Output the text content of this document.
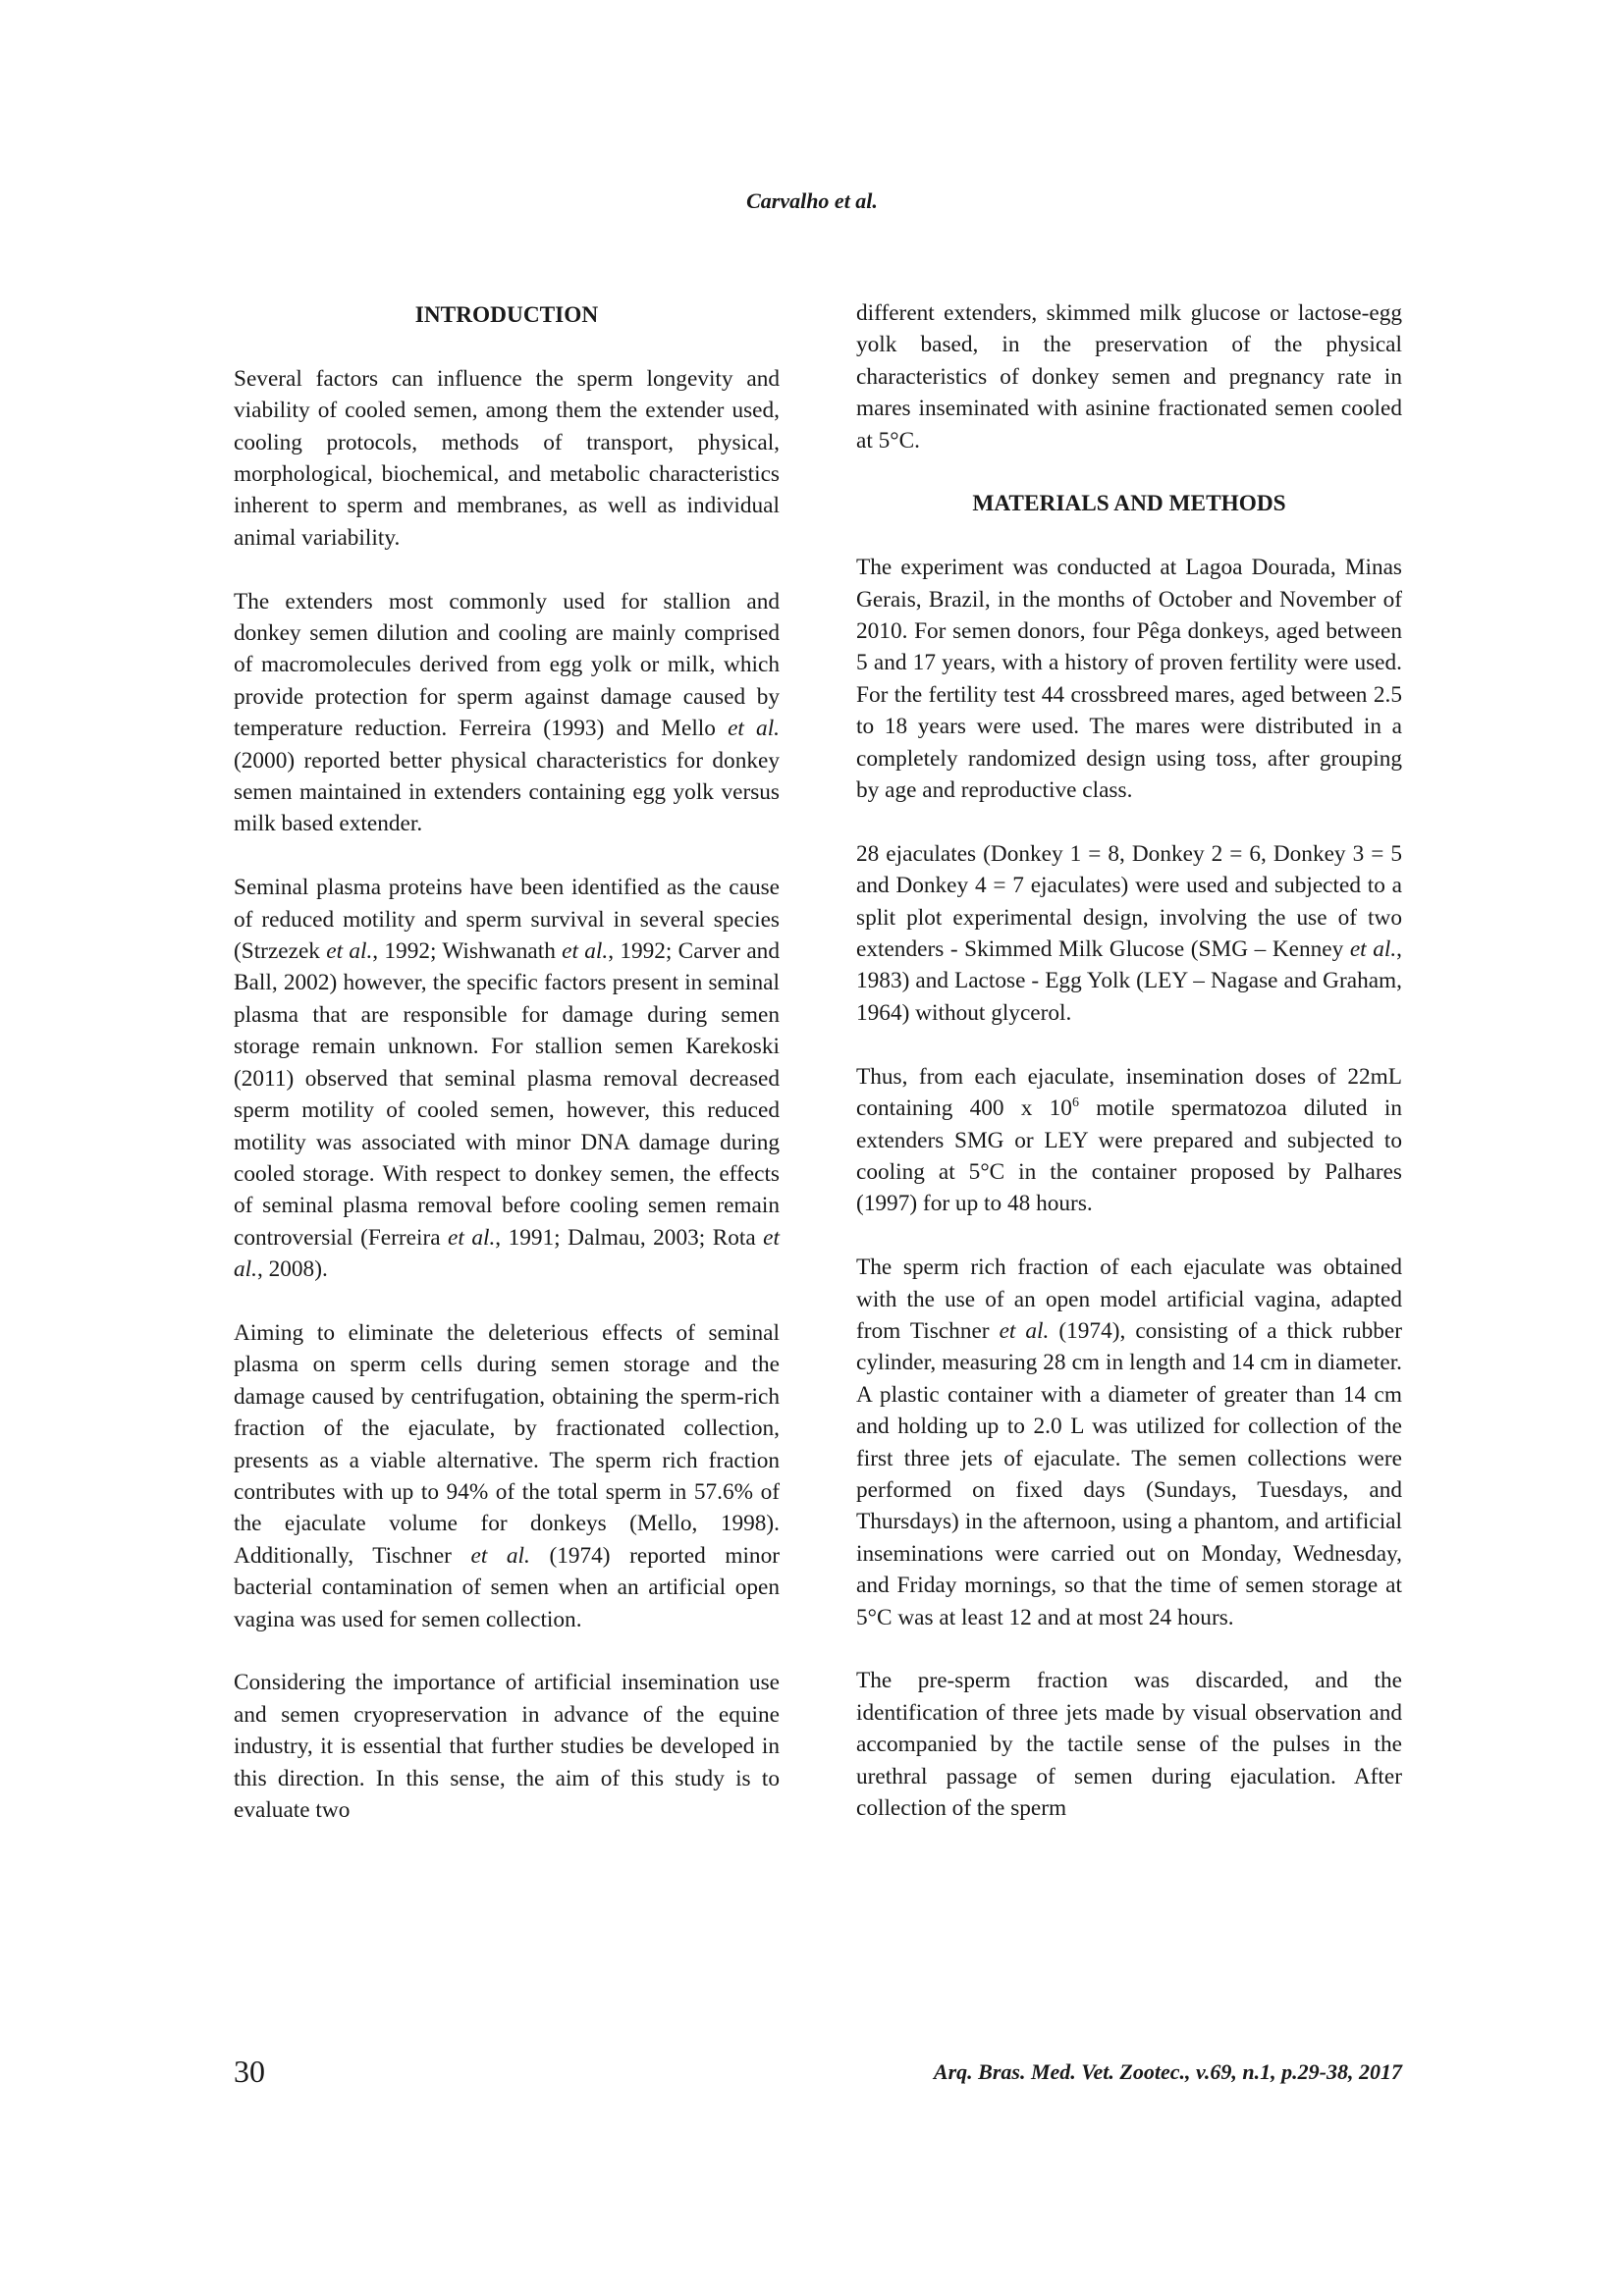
Carvalho et al.
INTRODUCTION

Several factors can influence the sperm longevity and viability of cooled semen, among them the extender used, cooling protocols, methods of transport, physical, morphological, biochemical, and metabolic characteristics inherent to sperm and membranes, as well as individual animal variability.

The extenders most commonly used for stallion and donkey semen dilution and cooling are mainly comprised of macromolecules derived from egg yolk or milk, which provide protection for sperm against damage caused by temperature reduction. Ferreira (1993) and Mello et al. (2000) reported better physical characteristics for donkey semen maintained in extenders containing egg yolk versus milk based extender.

Seminal plasma proteins have been identified as the cause of reduced motility and sperm survival in several species (Strzezek et al., 1992; Wishwanath et al., 1992; Carver and Ball, 2002) however, the specific factors present in seminal plasma that are responsible for damage during semen storage remain unknown. For stallion semen Karekoski (2011) observed that seminal plasma removal decreased sperm motility of cooled semen, however, this reduced motility was associated with minor DNA damage during cooled storage. With respect to donkey semen, the effects of seminal plasma removal before cooling semen remain controversial (Ferreira et al., 1991; Dalmau, 2003; Rota et al., 2008).

Aiming to eliminate the deleterious effects of seminal plasma on sperm cells during semen storage and the damage caused by centrifugation, obtaining the sperm-rich fraction of the ejaculate, by fractionated collection, presents as a viable alternative. The sperm rich fraction contributes with up to 94% of the total sperm in 57.6% of the ejaculate volume for donkeys (Mello, 1998). Additionally, Tischner et al. (1974) reported minor bacterial contamination of semen when an artificial open vagina was used for semen collection.

Considering the importance of artificial insemination use and semen cryopreservation in advance of the equine industry, it is essential that further studies be developed in this direction. In this sense, the aim of this study is to evaluate two

different extenders, skimmed milk glucose or lactose-egg yolk based, in the preservation of the physical characteristics of donkey semen and pregnancy rate in mares inseminated with asinine fractionated semen cooled at 5°C.

MATERIALS AND METHODS

The experiment was conducted at Lagoa Dourada, Minas Gerais, Brazil, in the months of October and November of 2010. For semen donors, four Pêga donkeys, aged between 5 and 17 years, with a history of proven fertility were used. For the fertility test 44 crossbreed mares, aged between 2.5 to 18 years were used. The mares were distributed in a completely randomized design using toss, after grouping by age and reproductive class.

28 ejaculates (Donkey 1 = 8, Donkey 2 = 6, Donkey 3 = 5 and Donkey 4 = 7 ejaculates) were used and subjected to a split plot experimental design, involving the use of two extenders - Skimmed Milk Glucose (SMG – Kenney et al., 1983) and Lactose - Egg Yolk (LEY – Nagase and Graham, 1964) without glycerol.

Thus, from each ejaculate, insemination doses of 22mL containing 400 x $10^6$ motile spermatozoa diluted in extenders SMG or LEY were prepared and subjected to cooling at 5°C in the container proposed by Palhares (1997) for up to 48 hours.

The sperm rich fraction of each ejaculate was obtained with the use of an open model artificial vagina, adapted from Tischner et al. (1974), consisting of a thick rubber cylinder, measuring 28 cm in length and 14 cm in diameter. A plastic container with a diameter of greater than 14 cm and holding up to 2.0 L was utilized for collection of the first three jets of ejaculate. The semen collections were performed on fixed days (Sundays, Tuesdays, and Thursdays) in the afternoon, using a phantom, and artificial inseminations were carried out on Monday, Wednesday, and Friday mornings, so that the time of semen storage at 5°C was at least 12 and at most 24 hours.

The pre-sperm fraction was discarded, and the identification of three jets made by visual observation and accompanied by the tactile sense of the pulses in the urethral passage of semen during ejaculation. After collection of the sperm

30	Arq. Bras. Med. Vet. Zootec., v.69, n.1, p.29-38, 2017
